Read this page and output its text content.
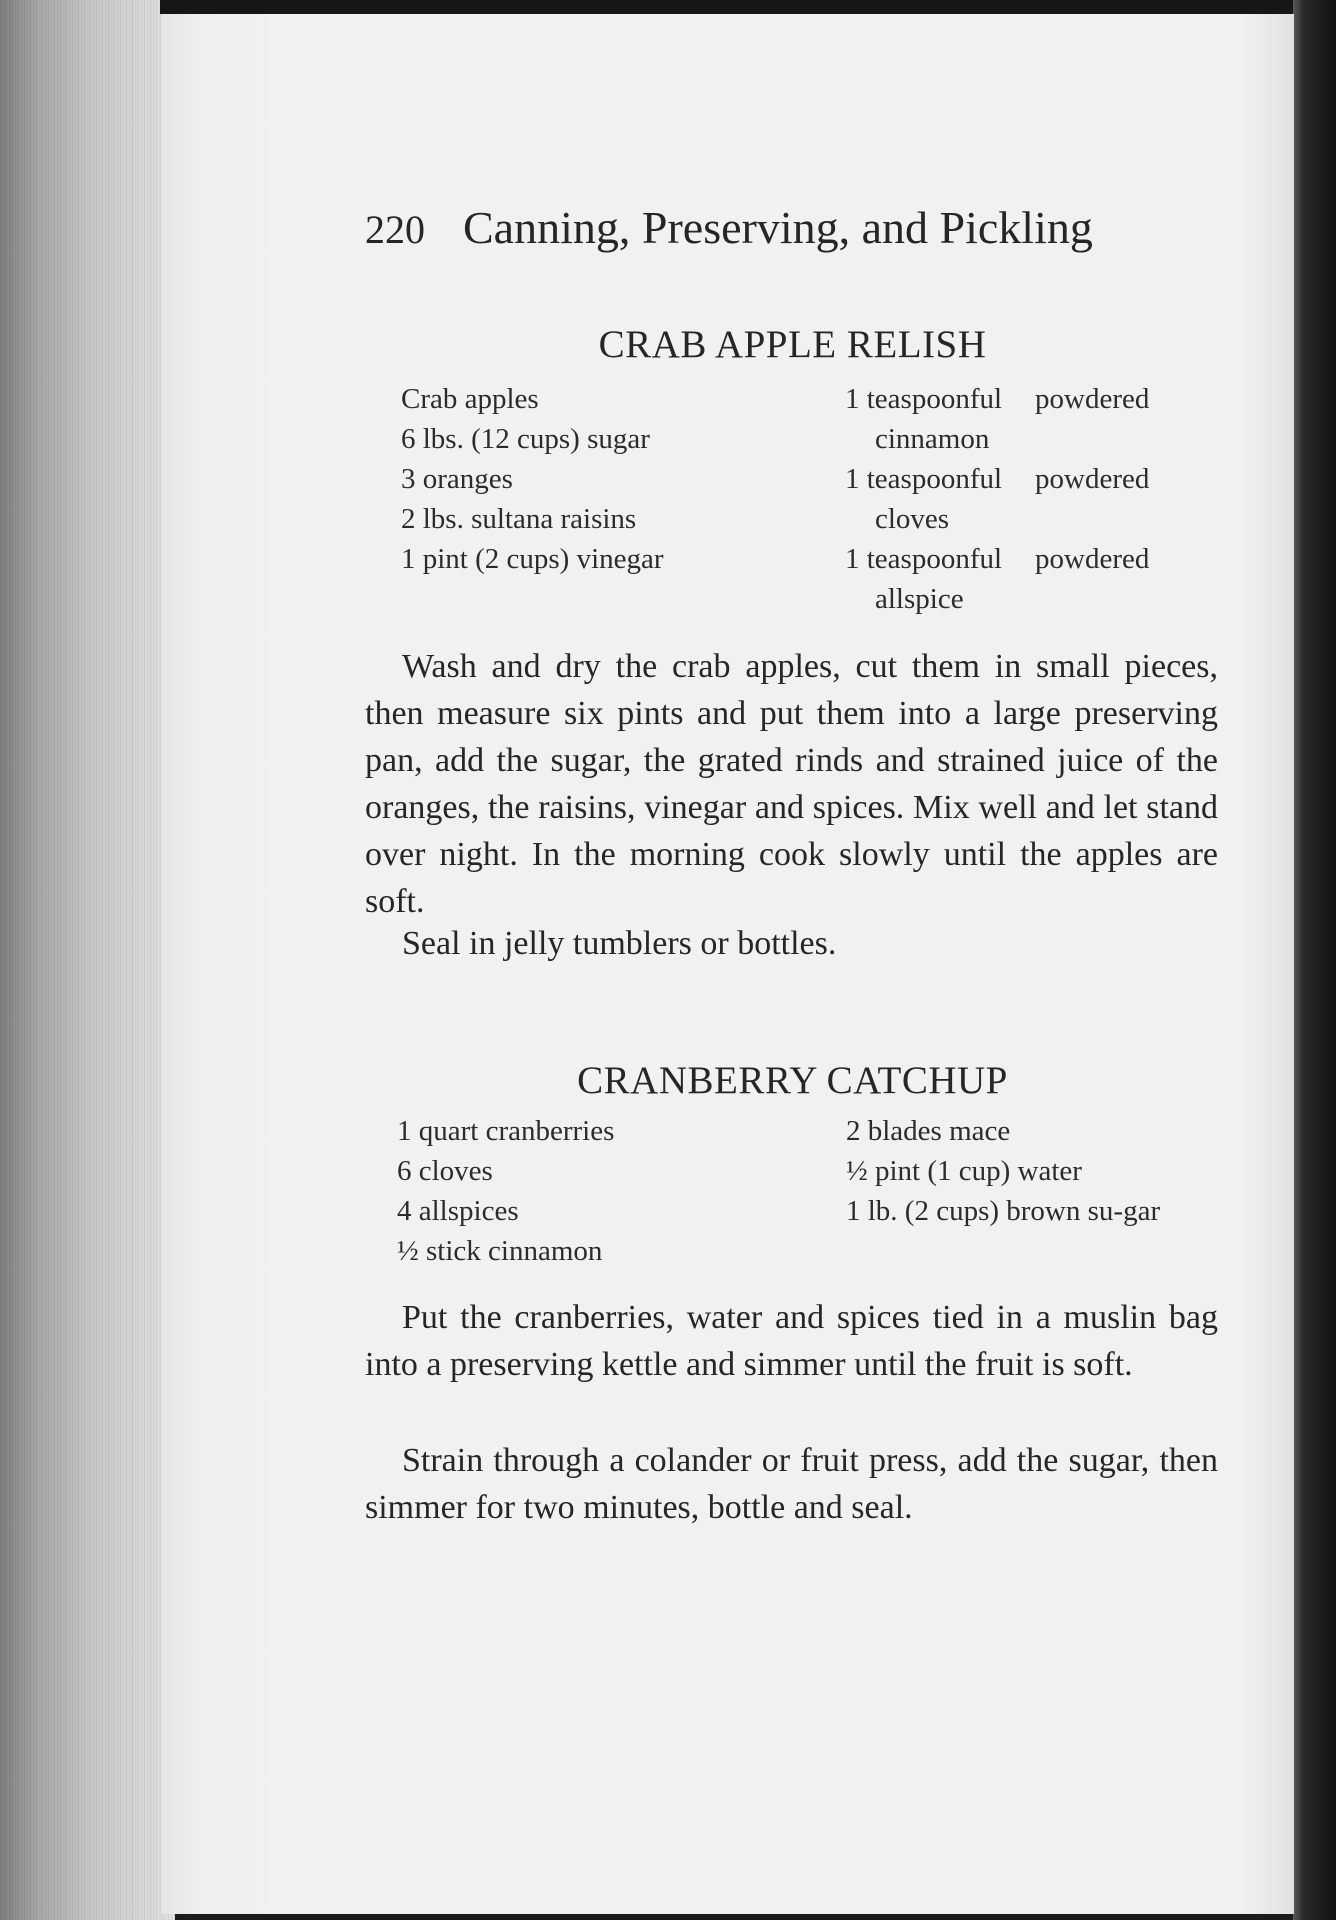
220 Canning, Preserving, and Pickling
CRAB APPLE RELISH
Crab apples
6 lbs. (12 cups) sugar
3 oranges
2 lbs. sultana raisins
1 pint (2 cups) vinegar
1 teaspoonful powdered
cinnamon
1 teaspoonful powdered
cloves
1 teaspoonful powdered
allspice

Wash and dry the crab apples, cut them in small pieces, then measure six pints and put them into a large preserving pan, add the sugar, the grated rinds and strained juice of the oranges, the raisins, vinegar and spices. Mix well and let stand over night. In the morning cook slowly until the apples are soft.

Seal in jelly tumblers or bottles.

CRANBERRY CATCHUP
1 quart cranberries
6 cloves
4 allspices
½ stick cinnamon
2 blades mace
½ pint (1 cup) water
1 lb. (2 cups) brown su-gar

Put the cranberries, water and spices tied in a muslin bag into a preserving kettle and simmer until the fruit is soft.

Strain through a colander or fruit press, add the sugar, then simmer for two minutes, bottle and seal.
